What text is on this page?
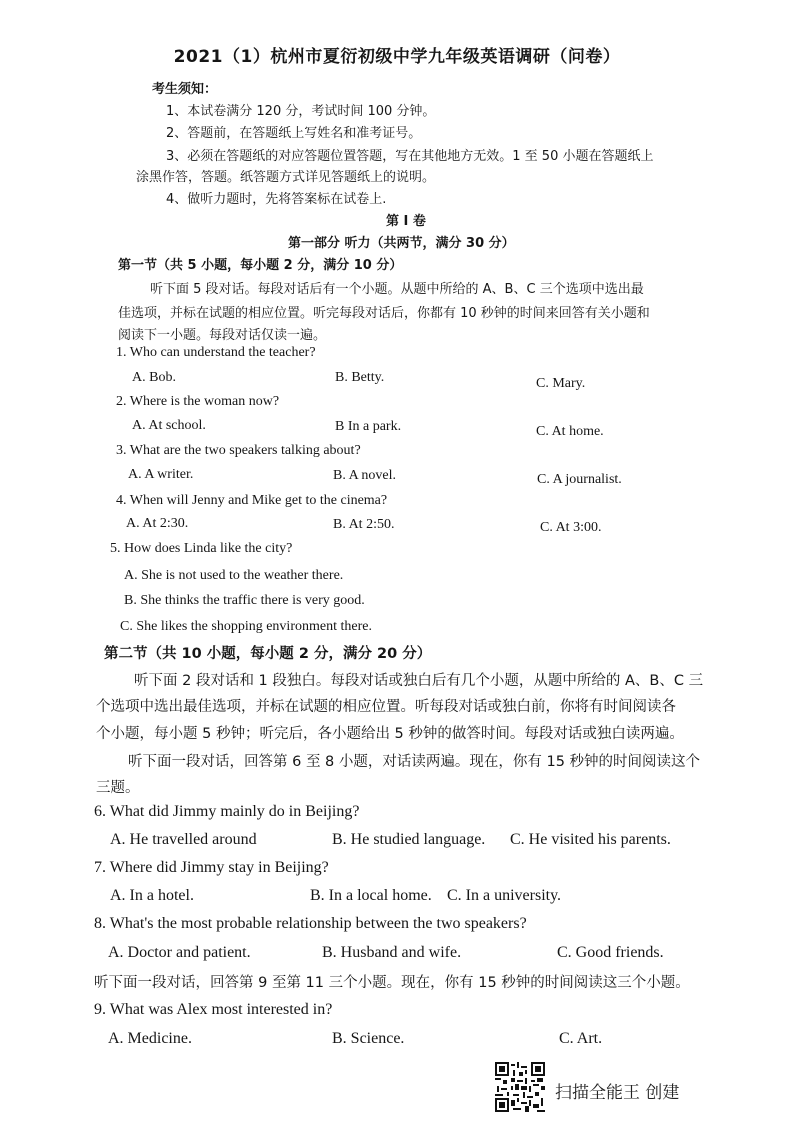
2021（1）杭州市夏衍初级中学九年级英语调研（问卷）
考生须知：
1、本试卷满分 120 分，考试时间 100 分钟。
2、答题前，在答题纸上写姓名和准考证号。
3、必须在答题纸的对应答题位置答题，写在其他地方无效。1 至 50 小题在答题纸上
涂黑作答，答题。纸答题方式详见答题纸上的说明。
4、做听力题时，先将答案标在试卷上.
第 I 卷
第一部分 听力（共两节，满分 30 分）
第一节（共 5 小题，每小题 2 分，满分 10 分）
听下面 5 段对话。每段对话后有一个小题。从题中所给的 A、B、C 三个选项中选出最
佳选项，并标在试题的相应位置。听完每段对话后，你都有 10 秒钟的时间来回答有关小题和
阅读下一小题。每段对话仅读一遍。
1. Who can understand the teacher?
A. Bob.	B. Betty.	C. Mary.
2. Where is the woman now?
A. At school.	B In a park.	C. At home.
3. What are the two speakers talking about?
A. A writer.	B. A novel.	C. A journalist.
4. When will Jenny and Mike get to the cinema?
A. At 2:30.	B. At 2:50.	C. At 3:00.
5. How does Linda like the city?
A. She is not used to the weather there.
B. She thinks the traffic there is very good.
C. She likes the shopping environment there.
第二节（共 10 小题，每小题 2 分，满分 20 分）
听下面 2 段对话和 1 段独白。每段对话或独白后有几个小题，从题中所给的 A、B、C 三
个选项中选出最佳选项，并标在试题的相应位置。听每段对话或独白前，你将有时间阅读各
个小题，每小题 5 秒钟；听完后，各小题给出 5 秒钟的做答时间。每段对话或独白读两遍。
听下面一段对话，回答第 6 至 8 小题，对话读两遍。现在，你有 15 秒钟的时间阅读这个
三题。
6. What did Jimmy mainly do in Beijing?
A. He travelled around	B. He studied language. C. He visited his parents.
7. Where did Jimmy stay in Beijing?
A. In a hotel.	B. In a local home. C. In a university.
8. What's the most probable relationship between the two speakers?
A. Doctor and patient.	B. Husband and wife.	C. Good friends.
听下面一段对话，回答第 9 至第 11 三个小题。现在，你有 15 秒钟的时间阅读这三个小题。
9. What was Alex most interested in?
A. Medicine.	B. Science.	C. Art.
扫描全能王 创建
